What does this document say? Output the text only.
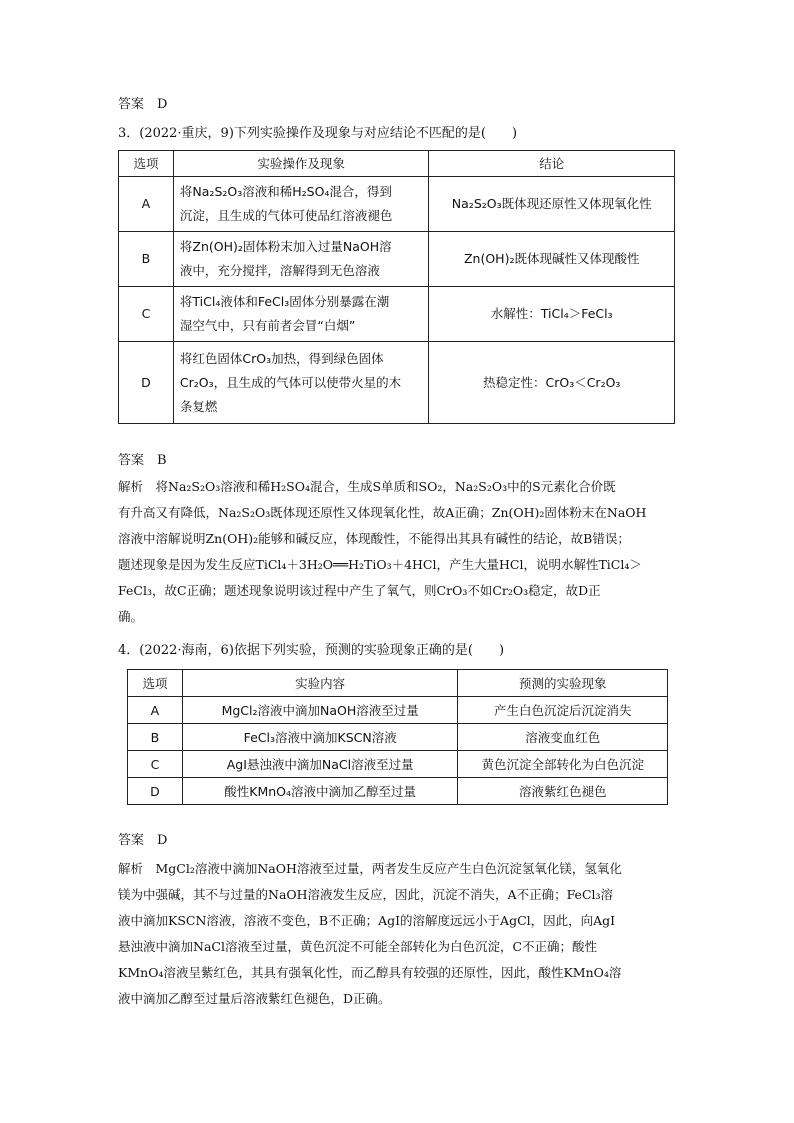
答案　D
3．(2022·重庆，9)下列实验操作及现象与对应结论不匹配的是(　　)
选项	实验操作及现象	结论
A	将Na₂S₂O₃溶液和稀H₂SO₄混合，得到
沉淀，且生成的气体可使品红溶液褪色	Na₂S₂O₃既体现还原性又体现氧化性
B	将Zn(OH)₂固体粉末加入过量NaOH溶
液中，充分搅拌，溶解得到无色溶液	Zn(OH)₂既体现碱性又体现酸性
C	将TiCl₄液体和FeCl₃固体分别暴露在潮
湿空气中，只有前者会冒“白烟”	水解性：TiCl₄＞FeCl₃
D	将红色固体CrO₃加热，得到绿色固体
Cr₂O₃，且生成的气体可以使带火星的木
条复燃	热稳定性：CrO₃＜Cr₂O₃
答案　B
解析　将Na₂S₂O₃溶液和稀H₂SO₄混合，生成S单质和SO₂，Na₂S₂O₃中的S元素化合价既
有升高又有降低，Na₂S₂O₃既体现还原性又体现氧化性，故A正确；Zn(OH)₂固体粉末在NaOH
溶液中溶解说明Zn(OH)₂能够和碱反应，体现酸性，不能得出其具有碱性的结论，故B错误；
题述现象是因为发生反应TiCl₄＋3H₂O══H₂TiO₃＋4HCl，产生大量HCl，说明水解性TiCl₄＞
FeCl₃，故C正确；题述现象说明该过程中产生了氧气，则CrO₃不如Cr₂O₃稳定，故D正
确。
4．(2022·海南，6)依据下列实验，预测的实验现象正确的是(　　)
选项	实验内容	预测的实验现象
A	MgCl₂溶液中滴加NaOH溶液至过量	产生白色沉淀后沉淀消失
B	FeCl₃溶液中滴加KSCN溶液	溶液变血红色
C	AgI悬浊液中滴加NaCl溶液至过量	黄色沉淀全部转化为白色沉淀
D	酸性KMnO₄溶液中滴加乙醇至过量	溶液紫红色褪色
答案　D
解析　MgCl₂溶液中滴加NaOH溶液至过量，两者发生反应产生白色沉淀氢氧化镁，氢氧化
镁为中强碱，其不与过量的NaOH溶液发生反应，因此，沉淀不消失，A不正确；FeCl₃溶
液中滴加KSCN溶液，溶液不变色，B不正确；AgI的溶解度远远小于AgCl，因此，向AgI
悬浊液中滴加NaCl溶液至过量，黄色沉淀不可能全部转化为白色沉淀，C不正确；酸性
KMnO₄溶液呈紫红色，其具有强氧化性，而乙醇具有较强的还原性，因此，酸性KMnO₄溶
液中滴加乙醇至过量后溶液紫红色褪色，D正确。
